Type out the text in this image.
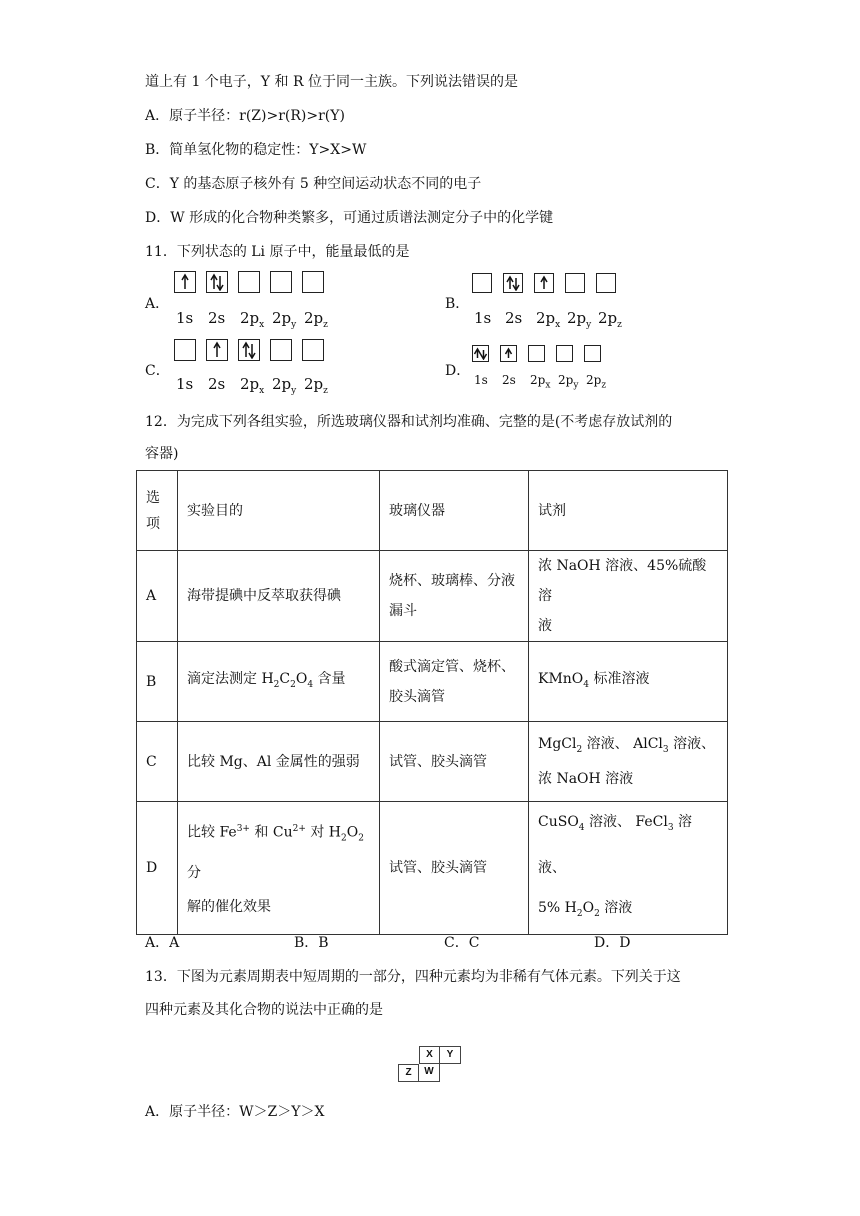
道上有 1 个电子，Y 和 R 位于同一主族。下列说法错误的是
A．原子半径：r(Z)>r(R)>r(Y)
B．简单氢化物的稳定性：Y>X>W
C．Y 的基态原子核外有 5 种空间运动状态不同的电子
D．W 形成的化合物种类繁多，可通过质谱法测定分子中的化学键
11．下列状态的 Li 原子中，能量最低的是
A．
1s 2s $2p_x$ $2p_y$ $2p_z$
B．
1s 2s $2p_x$ $2p_y$ $2p_z$
C．
1s 2s $2p_x$ $2p_y$ $2p_z$
D．
1s 2s $2p_x$ $2p_y$ $2p_z$
12．为完成下列各组实验，所选玻璃仪器和试剂均准确、完整的是(不考虑存放试剂的
容器)
选
项	实验目的	玻璃仪器	试剂
A	海带提碘中反萃取获得碘	烧杯、玻璃棒、分液
漏斗	浓 NaOH 溶液、45%硫酸溶
液
B	滴定法测定 $H_2C_2O_4$ 含量	酸式滴定管、烧杯、
胶头滴管	KMnO$_4$ 标准溶液
C	比较 Mg、Al 金属性的强弱	试管、胶头滴管	MgCl$_2$ 溶液、 AlCl$_3$ 溶液、
浓 NaOH 溶液
D	比较 $Fe^{3+}$ 和 $Cu^{2+}$ 对 $H_2O_2$ 分
解的催化效果	试管、胶头滴管	CuSO$_4$ 溶液、 FeCl$_3$ 溶液、
5% $H_2O_2$ 溶液
A．A	B．B	C．C	D．D
13．下图为元素周期表中短周期的一部分，四种元素均为非稀有气体元素。下列关于这
四种元素及其化合物的说法中正确的是
X	Y
Z	W
A．原子半径：W＞Z＞Y＞X
